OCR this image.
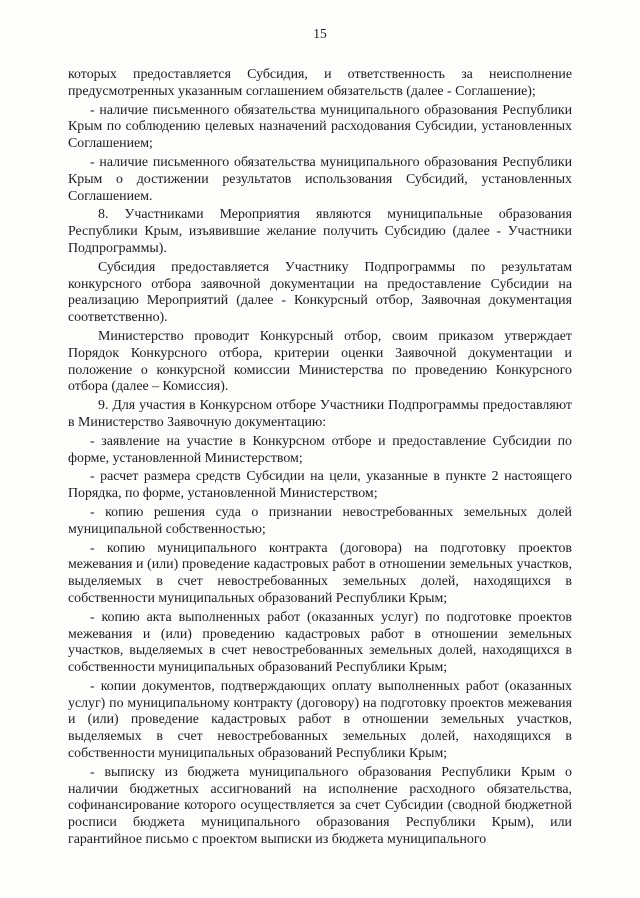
15

которых предоставляется Субсидия, и ответственность за неисполнение предусмотренных указанным соглашением обязательств (далее - Соглашение);

- наличие письменного обязательства муниципального образования Республики Крым по соблюдению целевых назначений расходования Субсидии, установленных Соглашением;

- наличие письменного обязательства муниципального образования Республики Крым о достижении результатов использования Субсидий, установленных Соглашением.

8. Участниками Мероприятия являются муниципальные образования Республики Крым, изъявившие желание получить Субсидию (далее - Участники Подпрограммы).

Субсидия предоставляется Участнику Подпрограммы по результатам конкурсного отбора заявочной документации на предоставление Субсидии на реализацию Мероприятий (далее - Конкурсный отбор, Заявочная документация соответственно).

Министерство проводит Конкурсный отбор, своим приказом утверждает Порядок Конкурсного отбора, критерии оценки Заявочной документации и положение о конкурсной комиссии Министерства по проведению Конкурсного отбора (далее – Комиссия).

9. Для участия в Конкурсном отборе Участники Подпрограммы предоставляют в Министерство Заявочную документацию:

- заявление на участие в Конкурсном отборе и предоставление Субсидии по форме, установленной Министерством;

- расчет размера средств Субсидии на цели, указанные в пункте 2 настоящего Порядка, по форме, установленной Министерством;

- копию решения суда о признании невостребованных земельных долей муниципальной собственностью;

- копию муниципального контракта (договора) на подготовку проектов межевания и (или) проведение кадастровых работ в отношении земельных участков, выделяемых в счет невостребованных земельных долей, находящихся в собственности муниципальных образований Республики Крым;

- копию акта выполненных работ (оказанных услуг) по подготовке проектов межевания и (или) проведению кадастровых работ в отношении земельных участков, выделяемых в счет невостребованных земельных долей, находящихся в собственности муниципальных образований Республики Крым;

- копии документов, подтверждающих оплату выполненных работ (оказанных услуг) по муниципальному контракту (договору) на подготовку проектов межевания и (или) проведение кадастровых работ в отношении земельных участков, выделяемых в счет невостребованных земельных долей, находящихся в собственности муниципальных образований Республики Крым;

- выписку из бюджета муниципального образования Республики Крым о наличии бюджетных ассигнований на исполнение расходного обязательства, софинансирование которого осуществляется за счет Субсидии (сводной бюджетной росписи бюджета муниципального образования Республики Крым), или гарантийное письмо с проектом выписки из бюджета муниципального
